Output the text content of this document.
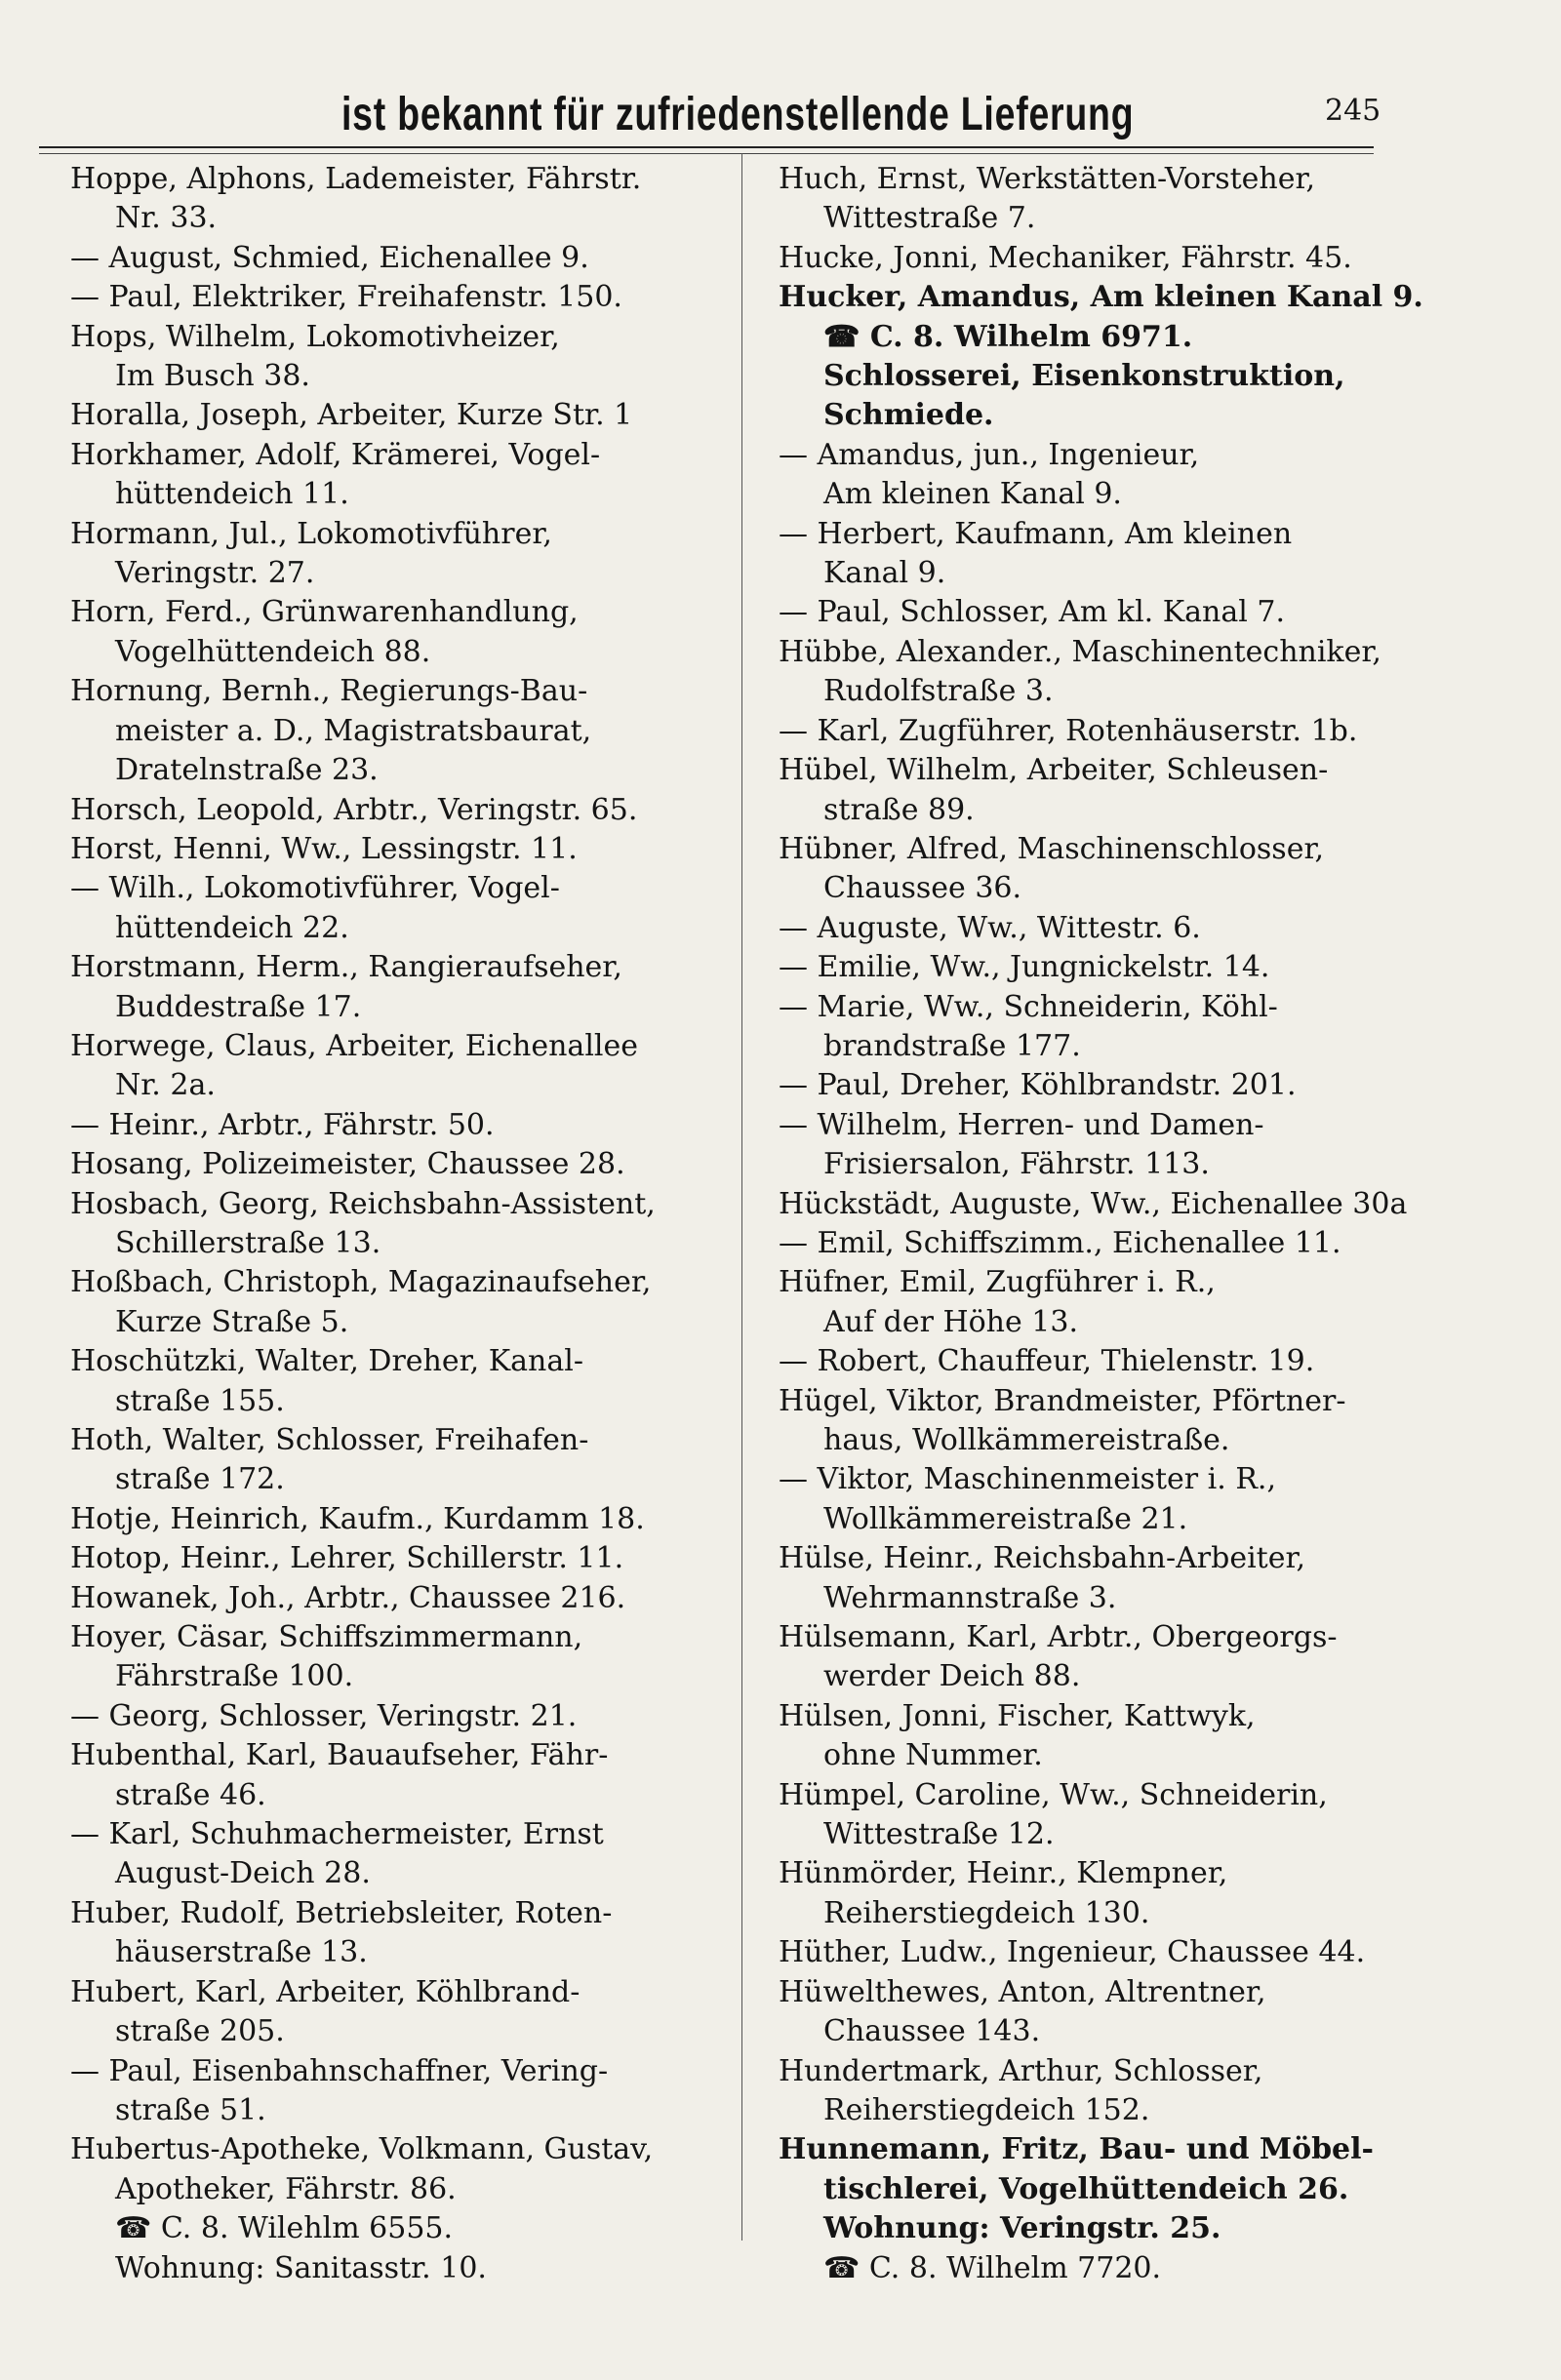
ist bekannt für zufriedenstellende Lieferung	245
Hoppe, Alphons, Lademeister, Fährstr.
Nr. 33.
— August, Schmied, Eichenallee 9.
— Paul, Elektriker, Freihafenstr. 150.
Hops, Wilhelm, Lokomotivheizer,
Im Busch 38.
Horalla, Joseph, Arbeiter, Kurze Str. 1
Horkhamer, Adolf, Krämerei, Vogel-
hüttendeich 11.
Hormann, Jul., Lokomotivführer,
Veringstr. 27.
Horn, Ferd., Grünwarenhandlung,
Vogelhüttendeich 88.
Hornung, Bernh., Regierungs-Bau-
meister a. D., Magistratsbaurat,
Dratelnstraße 23.
Horsch, Leopold, Arbtr., Veringstr. 65.
Horst, Henni, Ww., Lessingstr. 11.
— Wilh., Lokomotivführer, Vogel-
hüttendeich 22.
Horstmann, Herm., Rangieraufseher,
Buddestraße 17.
Horwege, Claus, Arbeiter, Eichenallee
Nr. 2a.
— Heinr., Arbtr., Fährstr. 50.
Hosang, Polizeimeister, Chaussee 28.
Hosbach, Georg, Reichsbahn-Assistent,
Schillerstraße 13.
Hoßbach, Christoph, Magazinaufseher,
Kurze Straße 5.
Hoschützki, Walter, Dreher, Kanal-
straße 155.
Hoth, Walter, Schlosser, Freihafen-
straße 172.
Hotje, Heinrich, Kaufm., Kurdamm 18.
Hotop, Heinr., Lehrer, Schillerstr. 11.
Howanek, Joh., Arbtr., Chaussee 216.
Hoyer, Cäsar, Schiffszimmermann,
Fährstraße 100.
— Georg, Schlosser, Veringstr. 21.
Hubenthal, Karl, Bauaufseher, Fähr-
straße 46.
— Karl, Schuhmachermeister, Ernst
August-Deich 28.
Huber, Rudolf, Betriebsleiter, Roten-
häuserstraße 13.
Hubert, Karl, Arbeiter, Köhlbrand-
straße 205.
— Paul, Eisenbahnschaffner, Vering-
straße 51.
Hubertus-Apotheke, Volkmann, Gustav,
Apotheker, Fährstr. 86.
☎ C. 8. Wilehlm 6555.
Wohnung: Sanitasstr. 10.
Huch, Ernst, Werkstätten-Vorsteher,
Wittestraße 7.
Hucke, Jonni, Mechaniker, Fährstr. 45.
Hucker, Amandus, Am kleinen Kanal 9.
☎ C. 8. Wilhelm 6971.
Schlosserei, Eisenkonstruktion,
Schmiede.
— Amandus, jun., Ingenieur,
Am kleinen Kanal 9.
— Herbert, Kaufmann, Am kleinen
Kanal 9.
— Paul, Schlosser, Am kl. Kanal 7.
Hübbe, Alexander., Maschinentechniker,
Rudolfstraße 3.
— Karl, Zugführer, Rotenhäuserstr. 1b.
Hübel, Wilhelm, Arbeiter, Schleusen-
straße 89.
Hübner, Alfred, Maschinenschlosser,
Chaussee 36.
— Auguste, Ww., Wittestr. 6.
— Emilie, Ww., Jungnickelstr. 14.
— Marie, Ww., Schneiderin, Köhl-
brandstraße 177.
— Paul, Dreher, Köhlbrandstr. 201.
— Wilhelm, Herren- und Damen-
Frisiersalon, Fährstr. 113.
Hückstädt, Auguste, Ww., Eichenallee 30a
— Emil, Schiffszimm., Eichenallee 11.
Hüfner, Emil, Zugführer i. R.,
Auf der Höhe 13.
— Robert, Chauffeur, Thielenstr. 19.
Hügel, Viktor, Brandmeister, Pförtner-
haus, Wollkämmereistraße.
— Viktor, Maschinenmeister i. R.,
Wollkämmereistraße 21.
Hülse, Heinr., Reichsbahn-Arbeiter,
Wehrmannstraße 3.
Hülsemann, Karl, Arbtr., Obergeorgs-
werder Deich 88.
Hülsen, Jonni, Fischer, Kattwyk,
ohne Nummer.
Hümpel, Caroline, Ww., Schneiderin,
Wittestraße 12.
Hünmörder, Heinr., Klempner,
Reiherstiegdeich 130.
Hüther, Ludw., Ingenieur, Chaussee 44.
Hüwelthewes, Anton, Altrentner,
Chaussee 143.
Hundertmark, Arthur, Schlosser,
Reiherstiegdeich 152.
Hunnemann, Fritz, Bau- und Möbel-
tischlerei, Vogelhüttendeich 26.
Wohnung: Veringstr. 25.
☎ C. 8. Wilhelm 7720.
